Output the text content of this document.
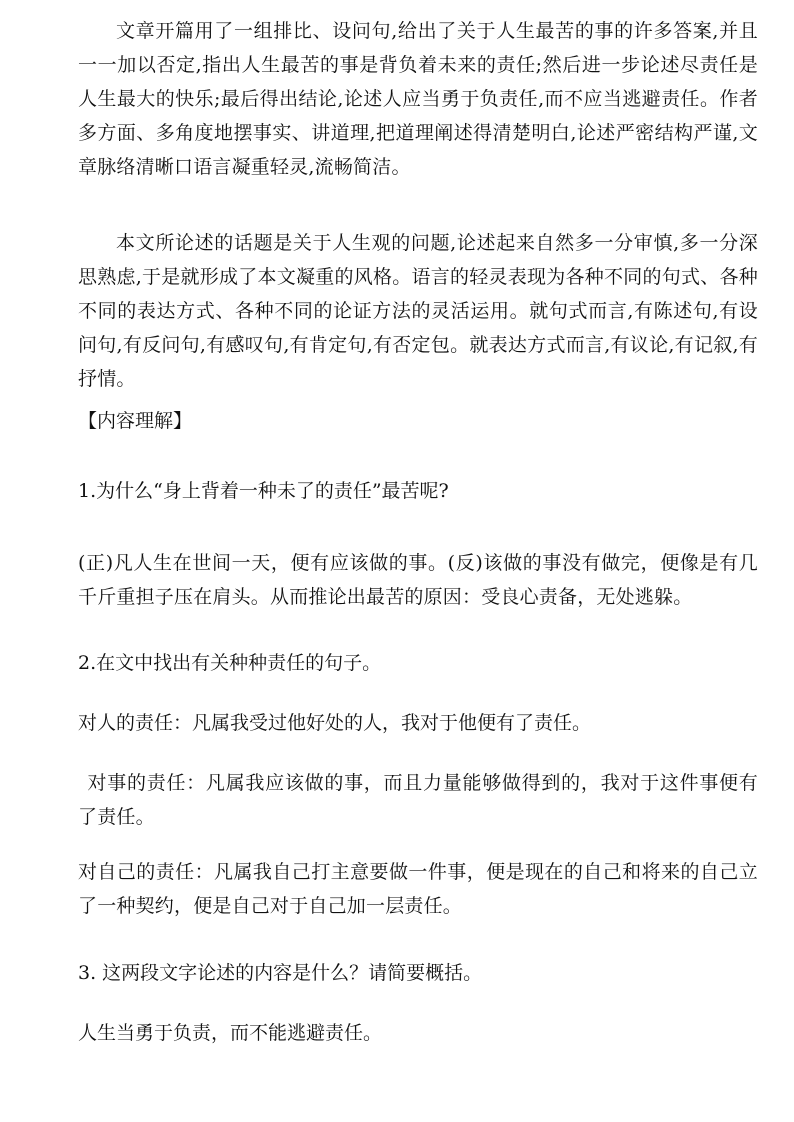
文章开篇用了一组排比、设问句,给出了关于人生最苦的事的许多答案,并且一一加以否定,指出人生最苦的事是背负着未来的责任;然后进一步论述尽责任是人生最大的快乐;最后得出结论,论述人应当勇于负责任,而不应当逃避责任。作者多方面、多角度地摆事实、讲道理,把道理阐述得清楚明白,论述严密结构严谨,文章脉络清晰口语言凝重轻灵,流畅简洁。

本文所论述的话题是关于人生观的问题,论述起来自然多一分审慎,多一分深思熟虑,于是就形成了本文凝重的风格。语言的轻灵表现为各种不同的句式、各种不同的表达方式、各种不同的论证方法的灵活运用。就句式而言,有陈述句,有设问句,有反问句,有感叹句,有肯定句,有否定包。就表达方式而言,有议论,有记叙,有抒情。

【内容理解】

1.为什么“身上背着一种未了的责任”最苦呢?

(正)凡人生在世间一天，便有应该做的事。(反)该做的事没有做完，便像是有几千斤重担子压在肩头。从而推论出最苦的原因：受良心责备，无处逃躲。

2.在文中找出有关种种责任的句子。

对人的责任：凡属我受过他好处的人，我对于他便有了责任。

对事的责任：凡属我应该做的事，而且力量能够做得到的，我对于这件事便有了责任。

对自己的责任：凡属我自己打主意要做一件事，便是现在的自己和将来的自己立了一种契约，便是自己对于自己加一层责任。

3. 这两段文字论述的内容是什么？请简要概括。

人生当勇于负责，而不能逃避责任。
